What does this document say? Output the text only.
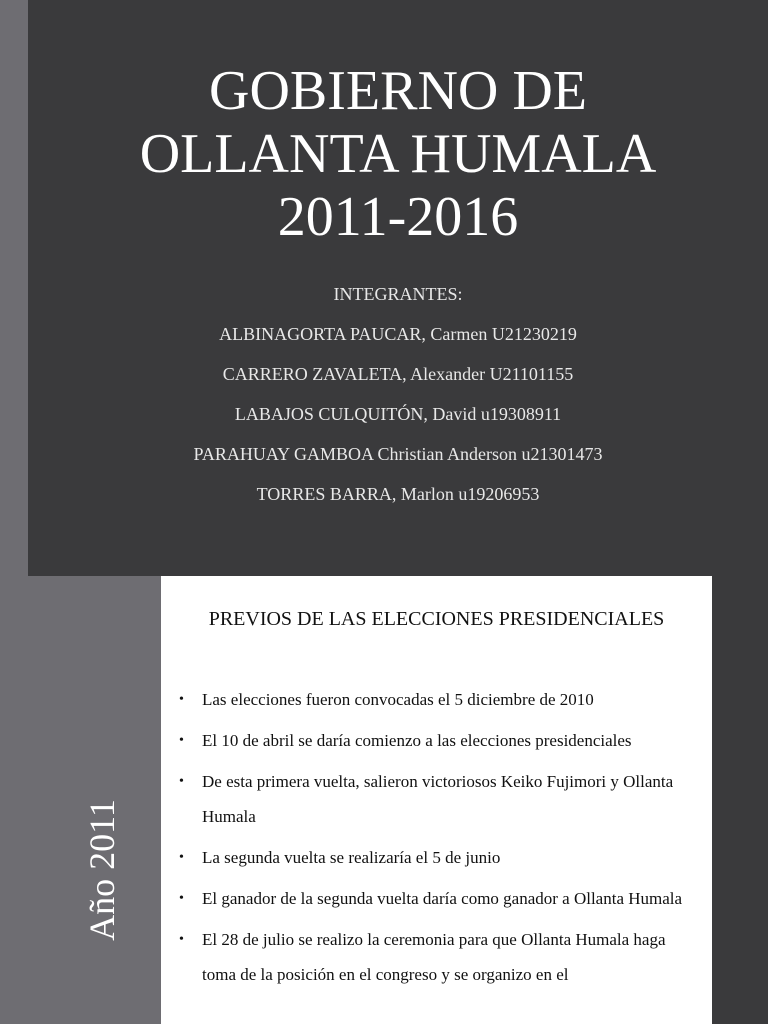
GOBIERNO DE
OLLANTA HUMALA
2011-2016
INTEGRANTES:
ALBINAGORTA PAUCAR, Carmen U21230219
CARRERO ZAVALETA, Alexander U21101155
LABAJOS CULQUITÓN, David u19308911
PARAHUAY GAMBOA Christian Anderson u21301473
TORRES BARRA, Marlon u19206953
Año 2011
PREVIOS DE LAS ELECCIONES PRESIDENCIALES
• Las elecciones fueron convocadas el 5 diciembre de 2010
• El 10 de abril se daría comienzo a las elecciones presidenciales
• De esta primera vuelta, salieron victoriosos Keiko Fujimori y Ollanta Humala
• La segunda vuelta se realizaría el 5 de junio
• El ganador de la segunda vuelta daría como ganador a Ollanta Humala
• El 28 de julio se realizo la ceremonia para que Ollanta Humala haga toma de la posición en el congreso y se organizo en el
